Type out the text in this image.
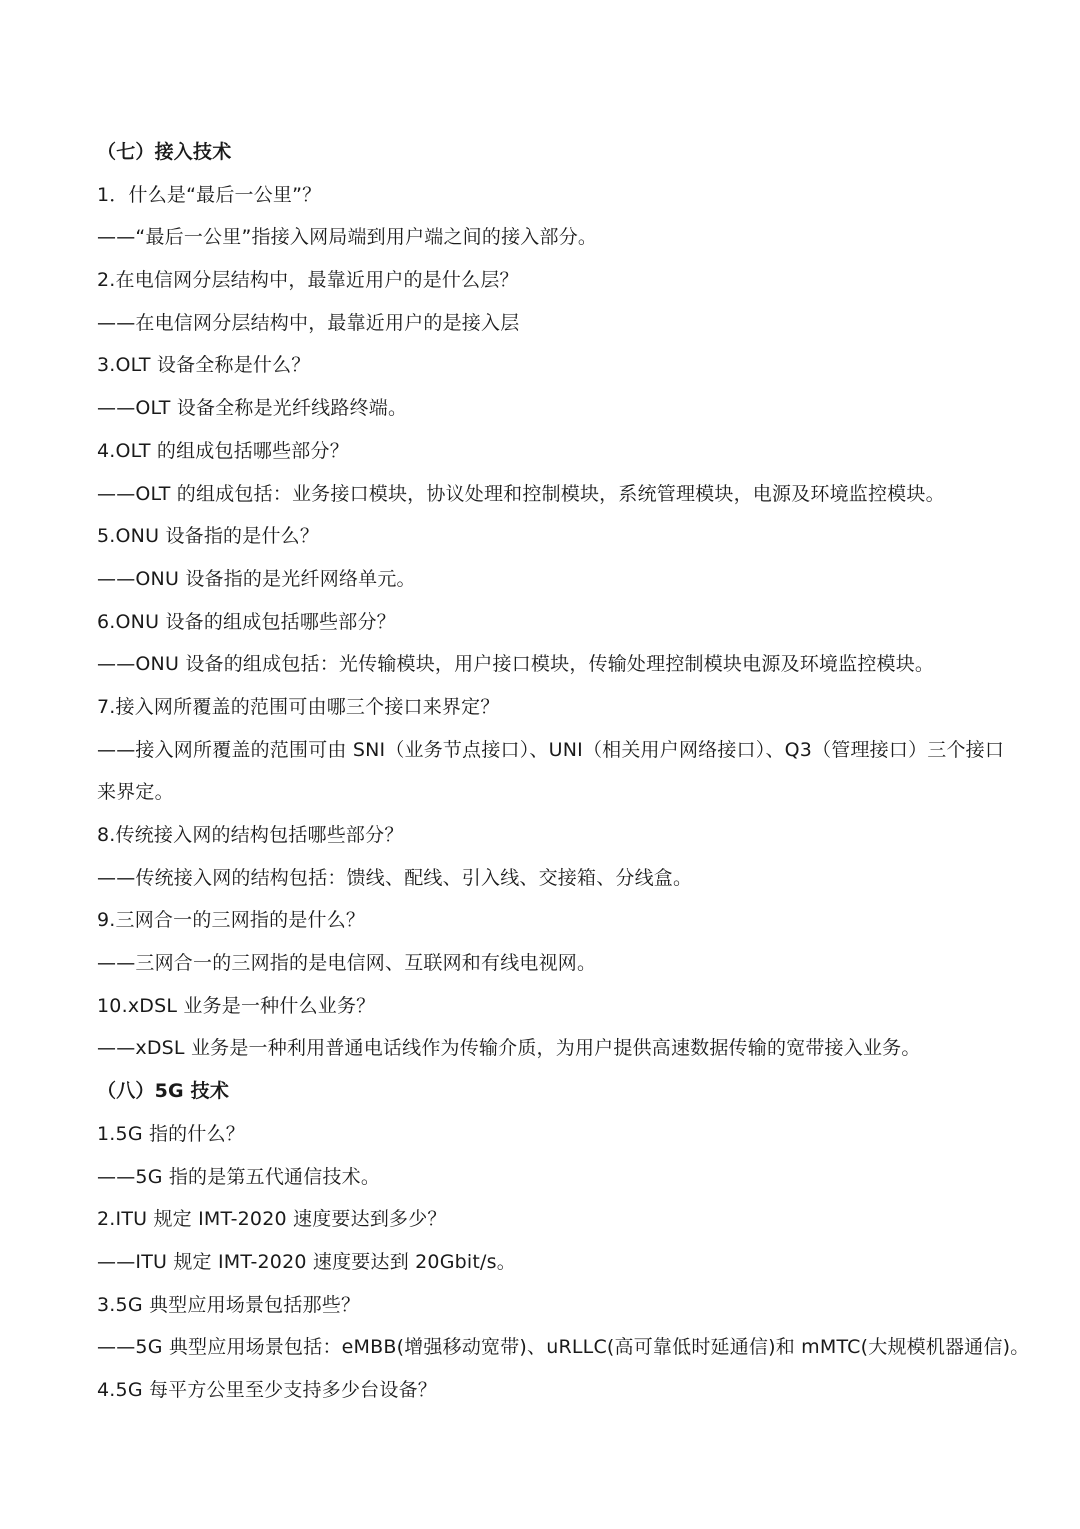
（七）接入技术
1．什么是“最后一公里”？
——“最后一公里”指接入网局端到用户端之间的接入部分。
2.在电信网分层结构中，最靠近用户的是什么层？
——在电信网分层结构中，最靠近用户的是接入层
3.OLT 设备全称是什么？
——OLT 设备全称是光纤线路终端。
4.OLT 的组成包括哪些部分？
——OLT 的组成包括：业务接口模块，协议处理和控制模块，系统管理模块，电源及环境监控模块。
5.ONU 设备指的是什么？
——ONU 设备指的是光纤网络单元。
6.ONU 设备的组成包括哪些部分？
——ONU 设备的组成包括：光传输模块，用户接口模块，传输处理控制模块电源及环境监控模块。
7.接入网所覆盖的范围可由哪三个接口来界定？
——接入网所覆盖的范围可由 SNI（业务节点接口）、UNI（相关用户网络接口）、Q3（管理接口）三个接口
来界定。
8.传统接入网的结构包括哪些部分？
——传统接入网的结构包括：馈线、配线、引入线、交接箱、分线盒。
9.三网合一的三网指的是什么？
——三网合一的三网指的是电信网、互联网和有线电视网。
10.xDSL 业务是一种什么业务？
——xDSL 业务是一种利用普通电话线作为传输介质，为用户提供高速数据传输的宽带接入业务。
（八）5G 技术
1.5G 指的什么？
——5G 指的是第五代通信技术。
2.ITU 规定 IMT-2020 速度要达到多少？
——ITU 规定 IMT-2020 速度要达到 20Gbit/s。
3.5G 典型应用场景包括那些？
——5G 典型应用场景包括：eMBB(增强移动宽带)、uRLLC(高可靠低时延通信)和 mMTC(大规模机器通信)。
4.5G 每平方公里至少支持多少台设备？
